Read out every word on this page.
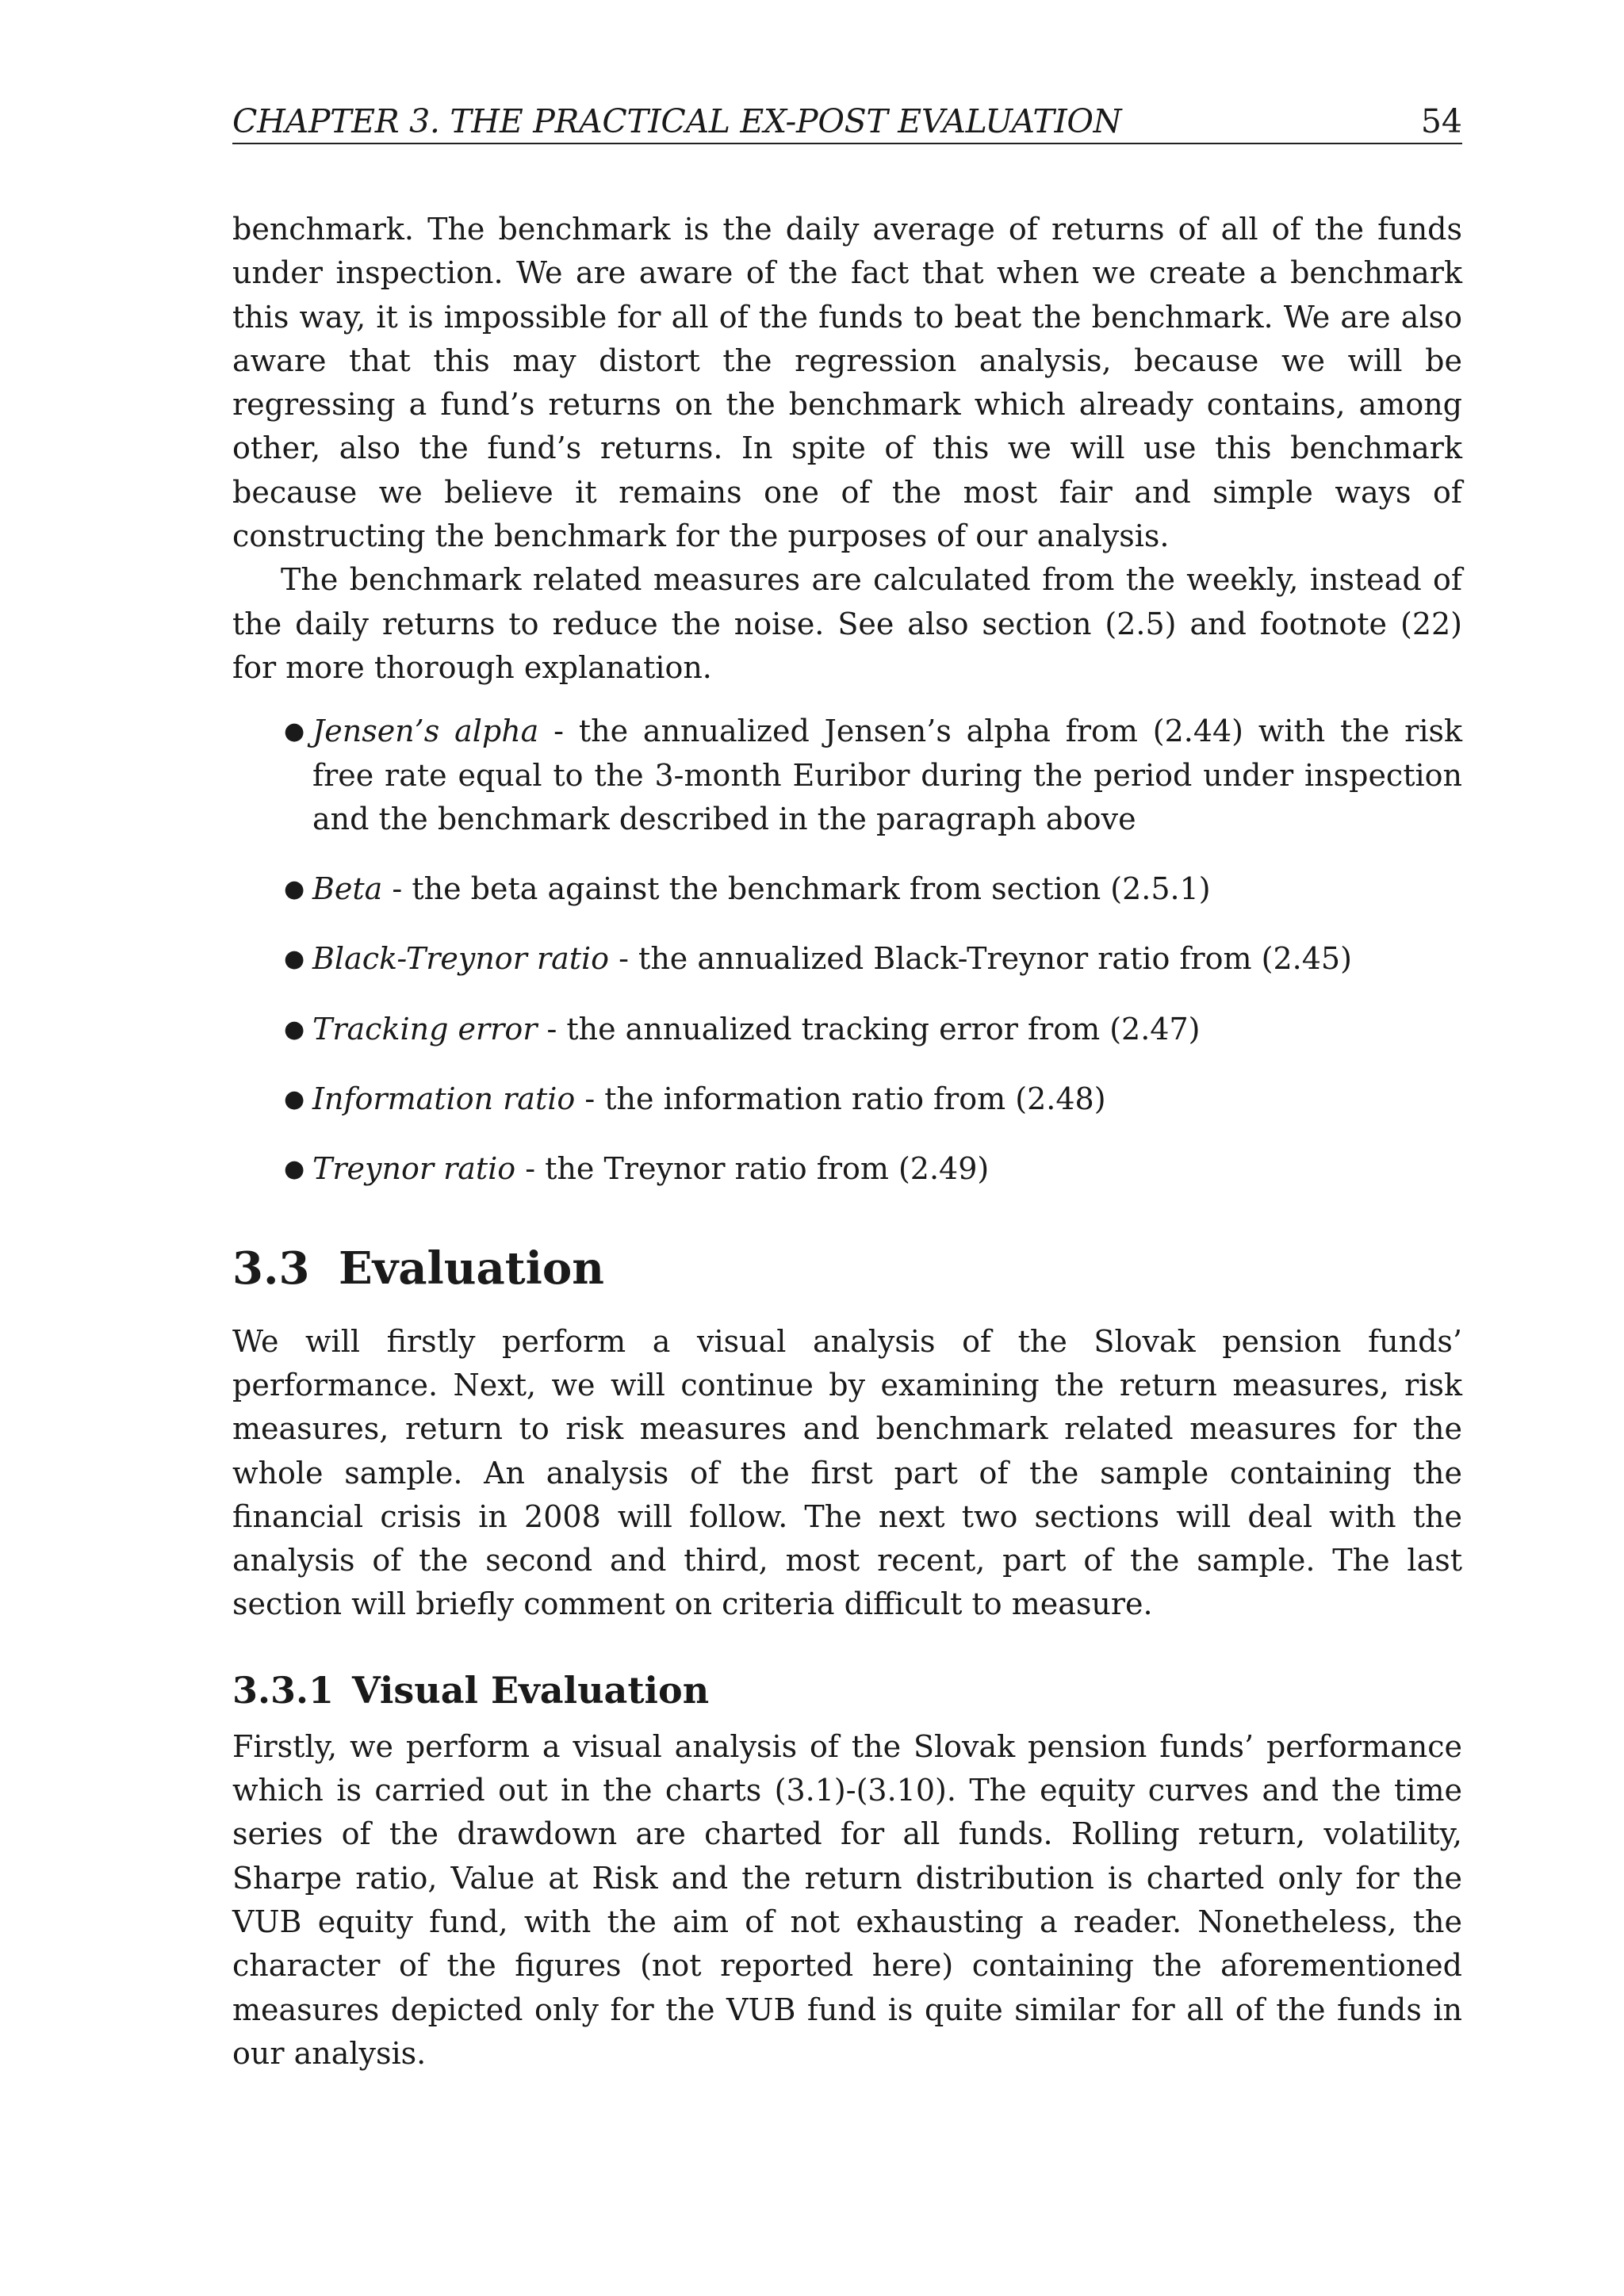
CHAPTER 3. THE PRACTICAL EX-POST EVALUATION	54

benchmark. The benchmark is the daily average of returns of all of the funds under inspection. We are aware of the fact that when we create a benchmark this way, it is impossible for all of the funds to beat the benchmark. We are also aware that this may distort the regression analysis, because we will be regressing a fund’s returns on the benchmark which already contains, among other, also the fund’s returns. In spite of this we will use this benchmark because we believe it remains one of the most fair and simple ways of constructing the benchmark for the purposes of our analysis.

The benchmark related measures are calculated from the weekly, instead of the daily returns to reduce the noise. See also section (2.5) and footnote (22) for more thorough explanation.

● Jensen’s alpha - the annualized Jensen’s alpha from (2.44) with the risk free rate equal to the 3-month Euribor during the period under inspection and the benchmark described in the paragraph above
● Beta - the beta against the benchmark from section (2.5.1)
● Black-Treynor ratio - the annualized Black-Treynor ratio from (2.45)
● Tracking error - the annualized tracking error from (2.47)
● Information ratio - the information ratio from (2.48)
● Treynor ratio - the Treynor ratio from (2.49)
3.3 Evaluation

We will firstly perform a visual analysis of the Slovak pension funds’ performance. Next, we will continue by examining the return measures, risk measures, return to risk measures and benchmark related measures for the whole sample. An analysis of the first part of the sample containing the financial crisis in 2008 will follow. The next two sections will deal with the analysis of the second and third, most recent, part of the sample. The last section will briefly comment on criteria difficult to measure.

3.3.1 Visual Evaluation

Firstly, we perform a visual analysis of the Slovak pension funds’ performance which is carried out in the charts (3.1)-(3.10). The equity curves and the time series of the drawdown are charted for all funds. Rolling return, volatility, Sharpe ratio, Value at Risk and the return distribution is charted only for the VUB equity fund, with the aim of not exhausting a reader. Nonetheless, the character of the figures (not reported here) containing the aforementioned measures depicted only for the VUB fund is quite similar for all of the funds in our analysis.
